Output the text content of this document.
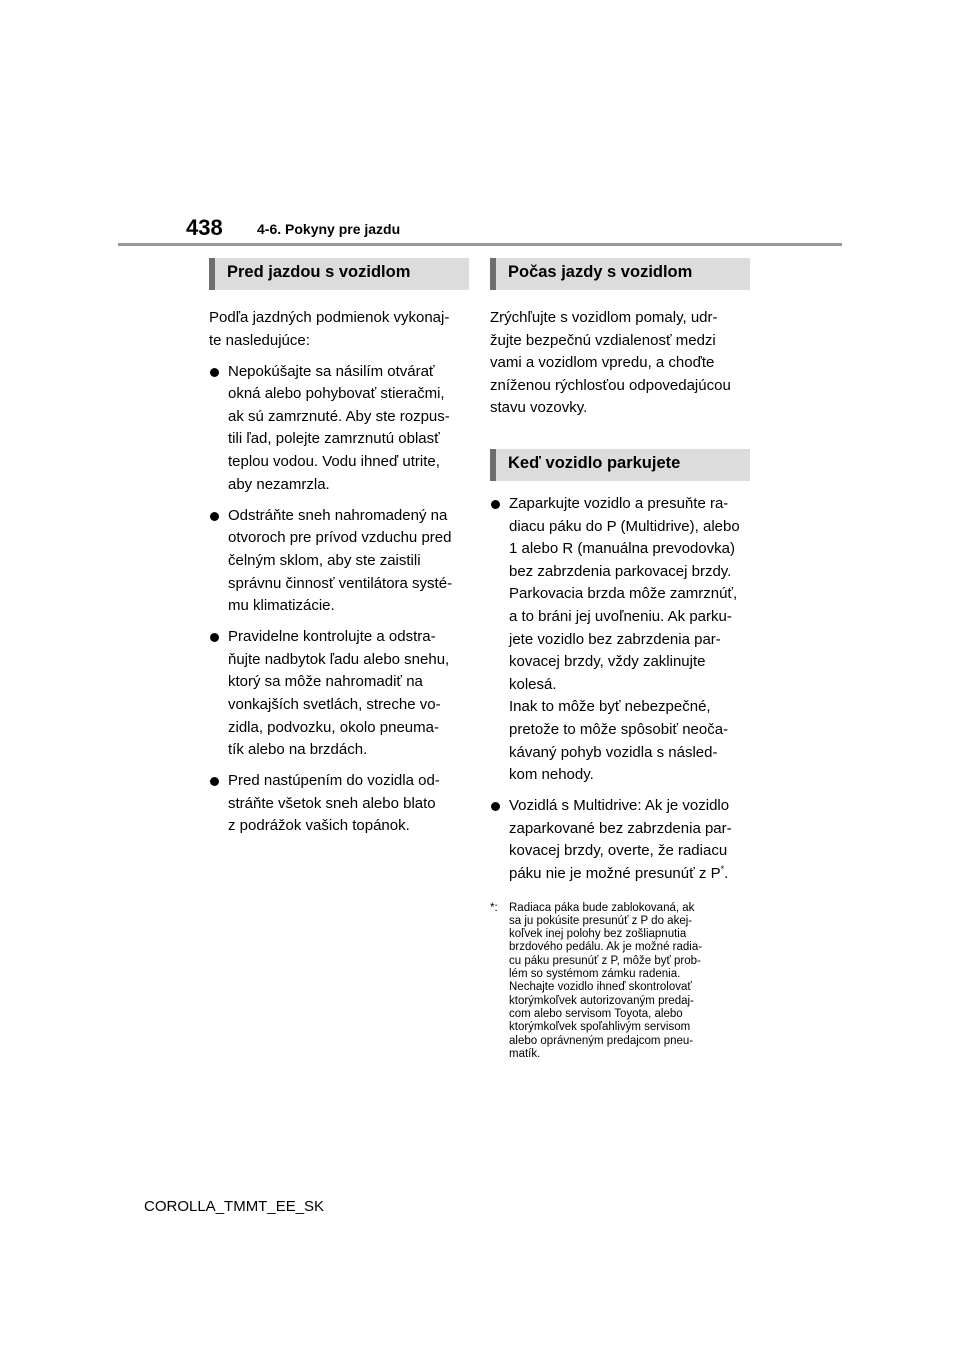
438 4-6. Pokyny pre jazdu
Pred jazdou s vozidlom

Podľa jazdných podmienok vykonaj-
te nasledujúce:

Nepokúšajte sa násilím otvárať
okná alebo pohybovať stieračmi,
ak sú zamrznuté. Aby ste rozpus-
tili ľad, polejte zamrznutú oblasť
teplou vodou. Vodu ihneď utrite,
aby nezamrzla.
Odstráňte sneh nahromadený na
otvoroch pre prívod vzduchu pred
čelným sklom, aby ste zaistili
správnu činnosť ventilátora systé-
mu klimatizácie.
Pravidelne kontrolujte a odstra-
ňujte nadbytok ľadu alebo snehu,
ktorý sa môže nahromadiť na
vonkajších svetlách, streche vo-
zidla, podvozku, okolo pneuma-
tík alebo na brzdách.
Pred nastúpením do vozidla od-
stráňte všetok sneh alebo blato
z podrážok vašich topánok.
Počas jazdy s vozidlom

Zrýchľujte s vozidlom pomaly, udr-
žujte bezpečnú vzdialenosť medzi
vami a vozidlom vpredu, a choďte
zníženou rýchlosťou odpovedajúcou
stavu vozovky.

Keď vozidlo parkujete
Zaparkujte vozidlo a presuňte ra-
diacu páku do P (Multidrive), alebo
1 alebo R (manuálna prevodovka)
bez zabrzdenia parkovacej brzdy.
Parkovacia brzda môže zamrznúť,
a to bráni jej uvoľneniu. Ak parku-
jete vozidlo bez zabrzdenia par-
kovacej brzdy, vždy zaklinujte
kolesá.
Inak to môže byť nebezpečné,
pretože to môže spôsobiť neoča-
kávaný pohyb vozidla s násled-
kom nehody.
Vozidlá s Multidrive: Ak je vozidlo
zaparkované bez zabrzdenia par-
kovacej brzdy, overte, že radiacu
páku nie je možné presunúť z P*.
*: Radiaca páka bude zablokovaná, ak
sa ju pokúsite presunúť z P do akej-
koľvek inej polohy bez zošliapnutia
brzdového pedálu. Ak je možné radia-
cu páku presunúť z P, môže byť prob-
lém so systémom zámku radenia.
Nechajte vozidlo ihneď skontrolovať
ktorýmkoľvek autorizovaným predaj-
com alebo servisom Toyota, alebo
ktorýmkoľvek spoľahlivým servisom
alebo oprávneným predajcom pneu-
matík.
COROLLA_TMMT_EE_SK
